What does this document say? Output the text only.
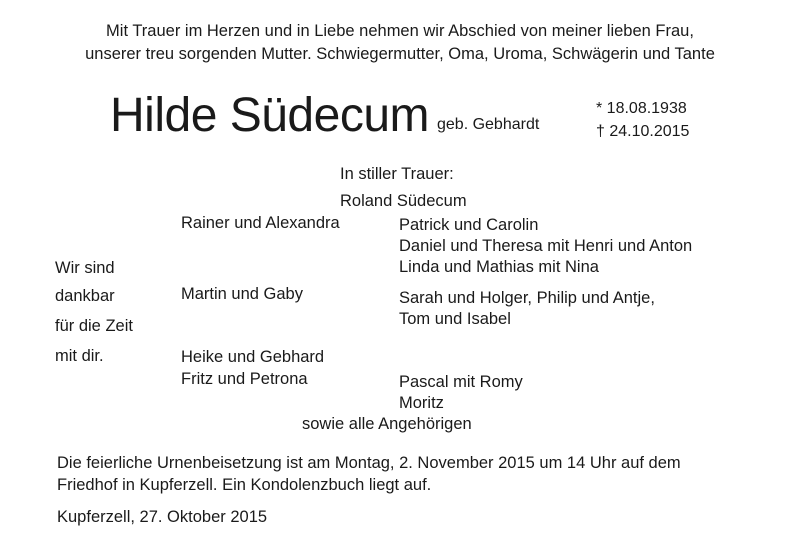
Mit Trauer im Herzen und in Liebe nehmen wir Abschied von meiner lieben Frau,
unserer treu sorgenden Mutter. Schwiegermutter, Oma, Uroma, Schwägerin und Tante
Hilde Südecum geb. Gebhardt
* 18.08.1938
† 24.10.2015
In stiller Trauer:
Roland Südecum
Rainer und Alexandra
Martin und Gaby
Heike und Gebhard
Fritz und Petrona
Patrick und Carolin
Daniel und Theresa mit Henri und Anton
Linda und Mathias mit Nina
Sarah und Holger, Philip und Antje,
Tom und Isabel
Pascal mit Romy
Moritz
sowie alle Angehörigen
Wir sind
dankbar
für die Zeit
mit dir.
Die feierliche Urnenbeisetzung ist am Montag, 2. November 2015 um 14 Uhr auf dem
Friedhof in Kupferzell. Ein Kondolenzbuch liegt auf.
Kupferzell, 27. Oktober 2015
